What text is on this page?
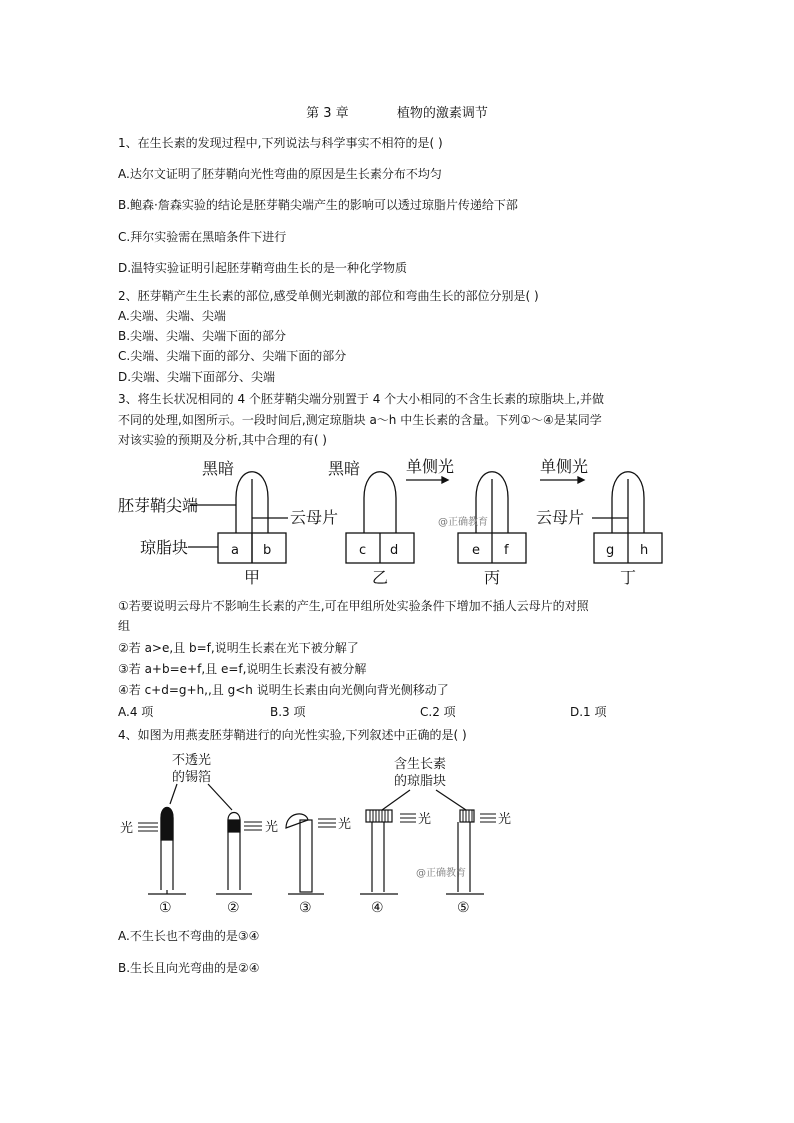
第 3 章	植物的激素调节
1、在生长素的发现过程中,下列说法与科学事实不相符的是( )
A.达尔文证明了胚芽鞘向光性弯曲的原因是生长素分布不均匀
B.鲍森·詹森实验的结论是胚芽鞘尖端产生的影响可以透过琼脂片传递给下部
C.拜尔实验需在黑暗条件下进行
D.温特实验证明引起胚芽鞘弯曲生长的是一种化学物质
2、胚芽鞘产生生长素的部位,感受单侧光刺激的部位和弯曲生长的部位分别是( )
A.尖端、尖端、尖端
B.尖端、尖端、尖端下面的部分
C.尖端、尖端下面的部分、尖端下面的部分
D.尖端、尖端下面部分、尖端
3、将生长状况相同的 4 个胚芽鞘尖端分别置于 4 个大小相同的不含生长素的琼脂块上,并做
不同的处理,如图所示。一段时间后,测定琼脂块 a～h 中生长素的含量。下列①～④是某同学
对该实验的预期及分析,其中合理的有( )
黑暗	黑暗	单侧光	单侧光
胚芽鞘尖端
云母片	云母片
琼脂块
@正确教育
a b	c d	e f	g h
甲	乙	丙	丁
①若要说明云母片不影响生长素的产生,可在甲组所处实验条件下增加不插人云母片的对照
组
②若 a>e,且 b=f,说明生长素在光下被分解了
③若 a+b=e+f,且 e=f,说明生长素没有被分解
④若 c+d=g+h,,且 g<h 说明生长素由向光侧向背光侧移动了
A.4 项	B.3 项	C.2 项	D.1 项
4、如图为用燕麦胚芽鞘进行的向光性实验,下列叙述中正确的是( )
光	光	光	光	光
不透光
的锡箔
含生长素
的琼脂块
@正确教育
①	②	③	④	⑤
A.不生长也不弯曲的是③④
B.生长且向光弯曲的是②④
